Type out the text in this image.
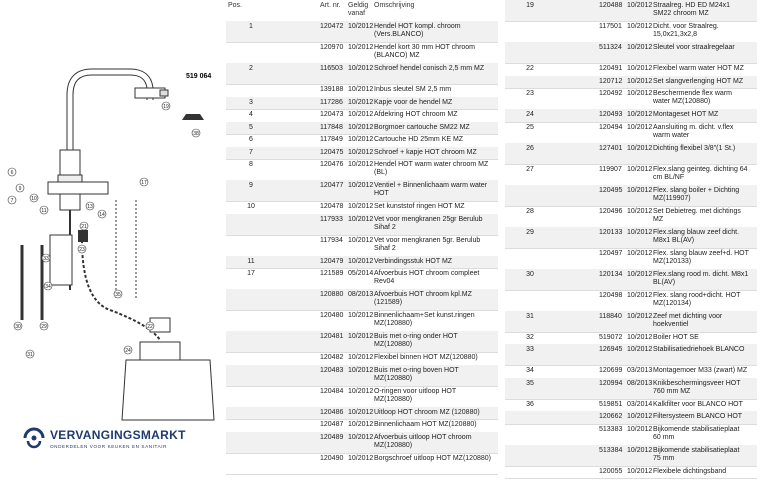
519 064
6
9
7	10
11
13
14
17
21
23
33
34
35
30	29
31
22
24
38
19
VERVANGINGSMARKT
ONDERDELEN VOOR KEUKEN EN SANITAIR
Pos.	Art. nr.	Geldig vanaf
Omschrijving
1	120472 10/2012 Hendel HOT kompl. chroom (Vers.BLANCO)
120970 10/2012 Hendel kort 30 mm HOT chroom (BLANCO) MZ
2	116503 10/2012 Schroef hendel conisch 2,5 mm MZ
139188 10/2012 Inbus sleutel SM 2,5 mm
3	117286 10/2012 Kapje voor de hendel MZ
4	120473 10/2012 Afdekring HOT chroom MZ
5	117848 10/2012 Borgmoer cartouche SM22 MZ
6	117849 10/2012 Cartouche HD 25mm KE MZ
7	120475 10/2012 Schroef + kapje HOT chroom MZ
8	120476 10/2012 Hendel HOT warm water chroom MZ (BL)
9	120477 10/2012 Ventiel + Binnenlichaam warm water HOT
10	120478 10/2012 Set kunststof ringen HOT MZ
117933 10/2012 Vet voor mengkranen 25gr Berulub Sihaf 2
117934 10/2012 Vet voor mengkranen 5gr. Berulub Sihaf 2
11	120479 10/2012 Verbindingsstuk HOT MZ
17	121589 05/2014 Afvoerbuis HOT chroom compleet Rev04
120880 08/2013 Afvoerbuis HOT chroom kpl.MZ (121589)
120480 10/2012 Binnenlichaam+Set kunst.ringen MZ(120880)
120481 10/2012 Buis met o-ring onder HOT MZ(120880)
120482 10/2012 Flexibel binnen HOT MZ(120880)
120483 10/2012 Buis met o-ring boven HOT MZ(120880)
120484 10/2012 O-ringen voor uitloop HOT MZ(120880)
120486 10/2012 Uitloop HOT chroom MZ (120880)
120487 10/2012 Binnenlichaam HOT MZ(120880)
120489 10/2012 Afvoerbuis uitloop HOT chroom MZ(120880)
120490 10/2012 Borgschroef uitloop HOT MZ(120880)
19	120488 10/2012 Straalreg. HD ED M24x1 SM22 chroom MZ
117501 10/2012 Dicht. voor Straalreg. 15,0x21,3x2,8
511324 10/2012 Sleutel voor straalregelaar
22	120491 10/2012 Flexibel warm water HOT MZ
120712 10/2012 Set slangverlenging HOT MZ
23	120492 10/2012 Beschermende flex warm water MZ(120880)
24	120493 10/2012 Montageset HOT MZ
25	120494 10/2012 Aansluiting m. dicht. v.flex warm water
26	127401 10/2012 Dichting flexibel 3/8"(1 St.)
27	119907 10/2012 Flex.slang geinteg. dichting 64 cm BL/NF
120495 10/2012 Flex. slang boiler + Dichting MZ(119907)
28	120496 10/2012 Set Debietreg. met dichtings MZ
29	120133 10/2012 Flex.slang blauw zeef dicht. M8x1 BL(AV)
120497 10/2012 Flex. slang blauw zeef+d. HOT MZ(120133)
30	120134 10/2012 Flex.slang rood m. dicht. M8x1 BL(AV)
120498 10/2012 Flex. slang rood+dicht. HOT MZ(120134)
31	118840 10/2012 Zeef met dichting voor hoekventiel
32	519072 10/2012 Boiler HOT SE
33	126945 10/2012 Stabilisatiedriehoek BLANCO
34	120699 03/2013 Montagemoer M33 (zwart) MZ
35	120994 08/2013 Knikbeschermingsveer HOT 760 mm MZ
36	519851 03/2014 Kalkfilter voor BLANCO HOT
120662 10/2012 Filtersysteem BLANCO HOT
513383 10/2012 Bijkomende stabilisatieplaat 60 mm
513384 10/2012 Bijkomende stabilisatieplaat 75 mm
120055 10/2012 Flexibele dichtingsband
